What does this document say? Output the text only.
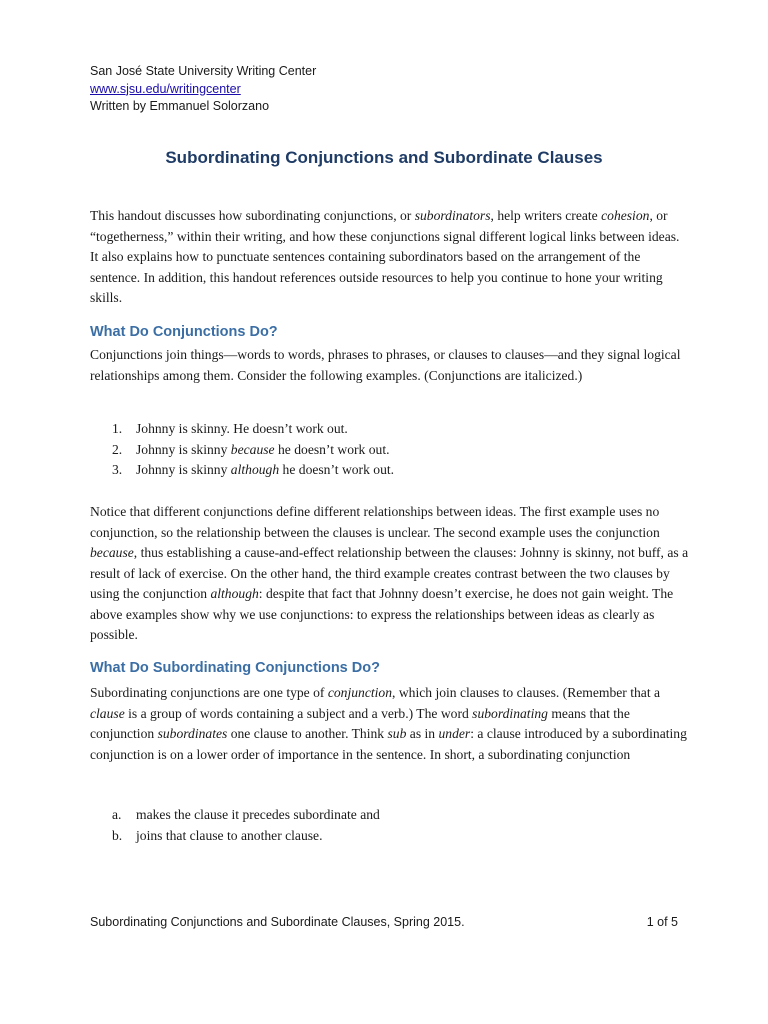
San José State University Writing Center
www.sjsu.edu/writingcenter
Written by Emmanuel Solorzano
Subordinating Conjunctions and Subordinate Clauses

This handout discusses how subordinating conjunctions, or subordinators, help writers create cohesion, or “togetherness,” within their writing, and how these conjunctions signal different logical links between ideas. It also explains how to punctuate sentences containing subordinators based on the arrangement of the sentence. In addition, this handout references outside resources to help you continue to hone your writing skills.

What Do Conjunctions Do?

Conjunctions join things—words to words, phrases to phrases, or clauses to clauses—and they signal logical relationships among them. Consider the following examples. (Conjunctions are italicized.)

1. Johnny is skinny. He doesn’t work out.
2. Johnny is skinny because he doesn’t work out.
3. Johnny is skinny although he doesn’t work out.

Notice that different conjunctions define different relationships between ideas. The first example uses no conjunction, so the relationship between the clauses is unclear. The second example uses the conjunction because, thus establishing a cause-and-effect relationship between the clauses: Johnny is skinny, not buff, as a result of lack of exercise. On the other hand, the third example creates contrast between the two clauses by using the conjunction although: despite that fact that Johnny doesn’t exercise, he does not gain weight. The above examples show why we use conjunctions: to express the relationships between ideas as clearly as possible.

What Do Subordinating Conjunctions Do?

Subordinating conjunctions are one type of conjunction, which join clauses to clauses. (Remember that a clause is a group of words containing a subject and a verb.) The word subordinating means that the conjunction subordinates one clause to another. Think sub as in under: a clause introduced by a subordinating conjunction is on a lower order of importance in the sentence. In short, a subordinating conjunction

a. makes the clause it precedes subordinate and
b. joins that clause to another clause.
Subordinating Conjunctions and Subordinate Clauses, Spring 2015.	1 of 5
